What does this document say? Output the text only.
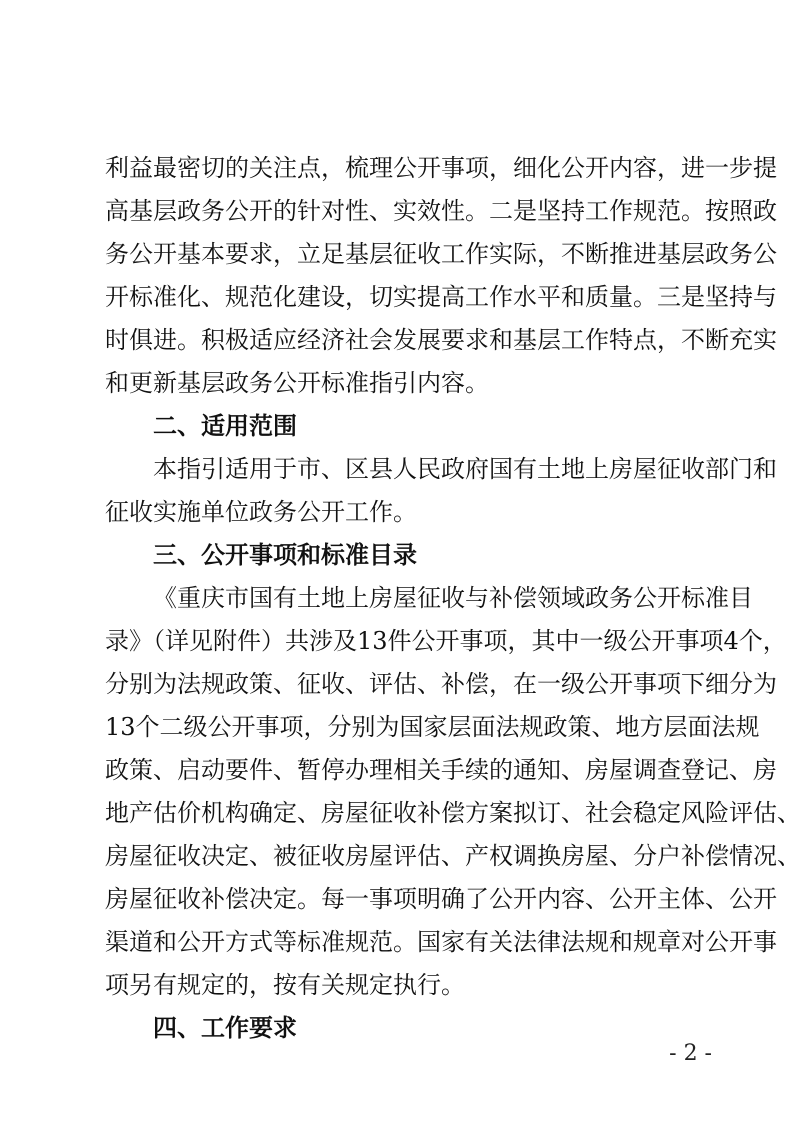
利益最密切的关注点，梳理公开事项，细化公开内容，进一步提
高基层政务公开的针对性、实效性。二是坚持工作规范。按照政
务公开基本要求，立足基层征收工作实际，不断推进基层政务公
开标准化、规范化建设，切实提高工作水平和质量。三是坚持与
时俱进。积极适应经济社会发展要求和基层工作特点，不断充实
和更新基层政务公开标准指引内容。
二、适用范围
本指引适用于市、区县人民政府国有土地上房屋征收部门和
征收实施单位政务公开工作。
三、公开事项和标准目录
《重庆市国有土地上房屋征收与补偿领域政务公开标准目
录》（详见附件）共涉及13件公开事项，其中一级公开事项4个，
分别为法规政策、征收、评估、补偿，在一级公开事项下细分为
13个二级公开事项，分别为国家层面法规政策、地方层面法规
政策、启动要件、暂停办理相关手续的通知、房屋调查登记、房
地产估价机构确定、房屋征收补偿方案拟订、社会稳定风险评估、
房屋征收决定、被征收房屋评估、产权调换房屋、分户补偿情况、
房屋征收补偿决定。每一事项明确了公开内容、公开主体、公开
渠道和公开方式等标准规范。国家有关法律法规和规章对公开事
项另有规定的，按有关规定执行。
四、工作要求
- 2 -
